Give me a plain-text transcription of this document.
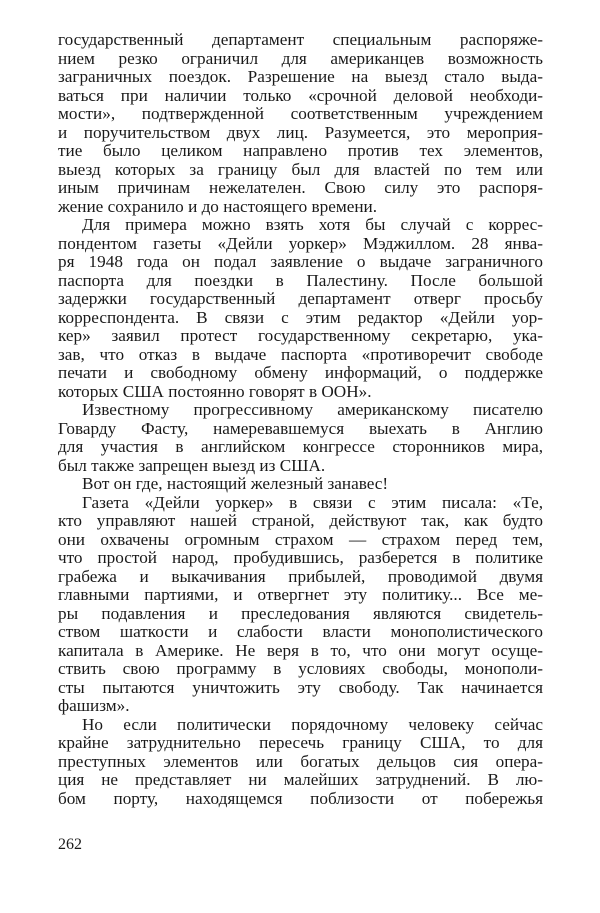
государственный департамент специальным распоряже-
нием резко ограничил для американцев возможность
заграничных поездок. Разрешение на выезд стало выда-
ваться при наличии только «срочной деловой необходи-
мости», подтвержденной соответственным учреждением
и поручительством двух лиц. Разумеется, это мероприя-
тие было целиком направлено против тех элементов,
выезд которых за границу был для властей по тем или
иным причинам нежелателен. Свою силу это распоря-
жение сохранило и до настоящего времени.
Для примера можно взять хотя бы случай с коррес-
пондентом газеты «Дейли уоркер» Мэджиллом. 28 янва-
ря 1948 года он подал заявление о выдаче заграничного
паспорта для поездки в Палестину. После большой
задержки государственный департамент отверг просьбу
корреспондента. В связи с этим редактор «Дейли уор-
кер» заявил протест государственному секретарю, ука-
зав, что отказ в выдаче паспорта «противоречит свободе
печати и свободному обмену информаций, о поддержке
которых США постоянно говорят в ООН».
Известному прогрессивному американскому писателю
Говарду Фасту, намеревавшемуся выехать в Англию
для участия в английском конгрессе сторонников мира,
был также запрещен выезд из США.
Вот он где, настоящий железный занавес!
Газета «Дейли уоркер» в связи с этим писала: «Те,
кто управляют нашей страной, действуют так, как будто
они охвачены огромным страхом — страхом перед тем,
что простой народ, пробудившись, разберется в политике
грабежа и выкачивания прибылей, проводимой двумя
главными партиями, и отвергнет эту политику... Все ме-
ры подавления и преследования являются свидетель-
ством шаткости и слабости власти монополистического
капитала в Америке. Не веря в то, что они могут осуще-
ствить свою программу в условиях свободы, монополи-
сты пытаются уничтожить эту свободу. Так начинается
фашизм».
Но если политически порядочному человеку сейчас
крайне затруднительно пересечь границу США, то для
преступных элементов или богатых дельцов сия опера-
ция не представляет ни малейших затруднений. В лю-
бом порту, находящемся поблизости от побережья
262
